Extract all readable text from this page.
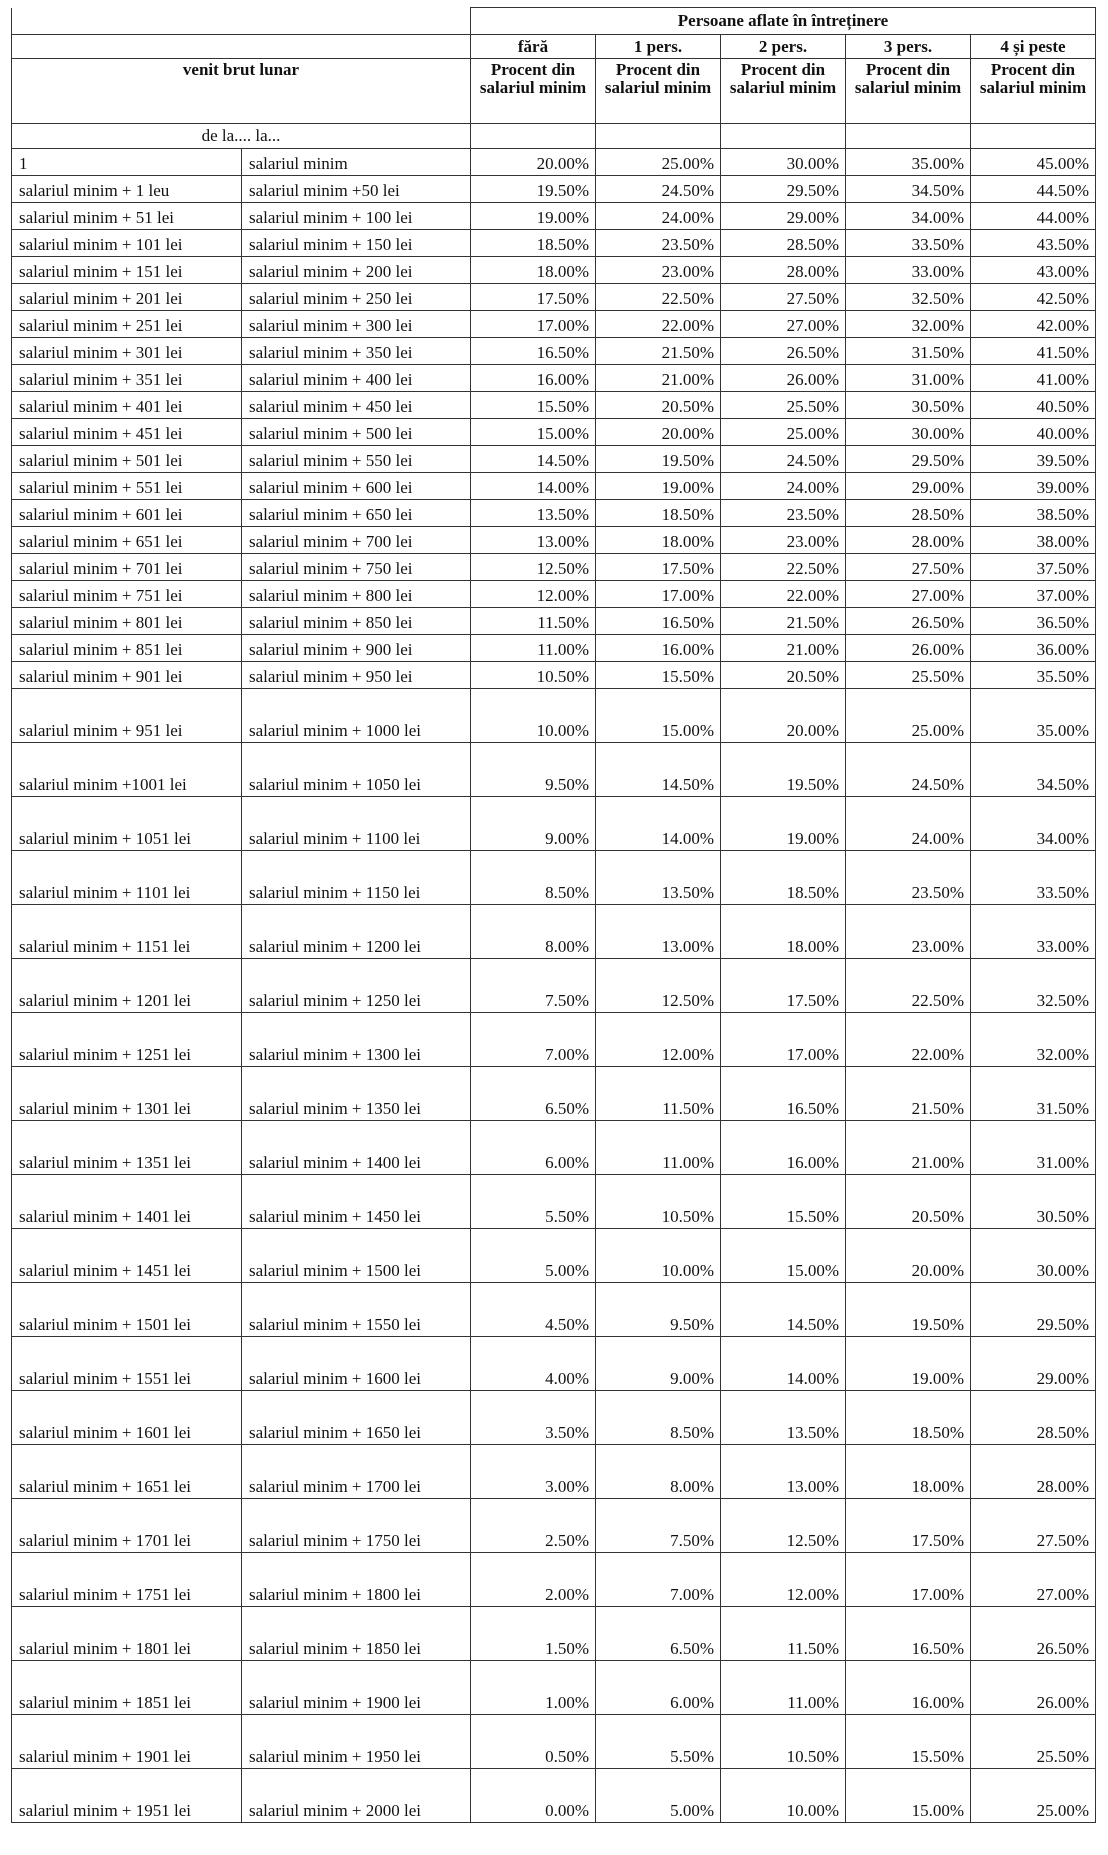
		Persoane aflate în întreținere				
		fără	1 pers.	2 pers.	3 pers.	4 și peste
venit brut lunar		Procent din salariul minim	Procent din salariul minim	Procent din salariul minim	Procent din salariul minim	Procent din salariul minim
de la.... la...						
1	salariul minim	20.00%	25.00%	30.00%	35.00%	45.00%
salariul minim + 1 leu	salariul minim +50 lei	19.50%	24.50%	29.50%	34.50%	44.50%
salariul minim + 51 lei	salariul minim + 100 lei	19.00%	24.00%	29.00%	34.00%	44.00%
salariul minim + 101 lei	salariul minim + 150 lei	18.50%	23.50%	28.50%	33.50%	43.50%
salariul minim + 151 lei	salariul minim + 200 lei	18.00%	23.00%	28.00%	33.00%	43.00%
salariul minim + 201 lei	salariul minim + 250 lei	17.50%	22.50%	27.50%	32.50%	42.50%
salariul minim + 251 lei	salariul minim + 300 lei	17.00%	22.00%	27.00%	32.00%	42.00%
salariul minim + 301 lei	salariul minim + 350 lei	16.50%	21.50%	26.50%	31.50%	41.50%
salariul minim + 351 lei	salariul minim + 400 lei	16.00%	21.00%	26.00%	31.00%	41.00%
salariul minim + 401 lei	salariul minim + 450 lei	15.50%	20.50%	25.50%	30.50%	40.50%
salariul minim + 451 lei	salariul minim + 500 lei	15.00%	20.00%	25.00%	30.00%	40.00%
salariul minim + 501 lei	salariul minim + 550 lei	14.50%	19.50%	24.50%	29.50%	39.50%
salariul minim + 551 lei	salariul minim + 600 lei	14.00%	19.00%	24.00%	29.00%	39.00%
salariul minim + 601 lei	salariul minim + 650 lei	13.50%	18.50%	23.50%	28.50%	38.50%
salariul minim + 651 lei	salariul minim + 700 lei	13.00%	18.00%	23.00%	28.00%	38.00%
salariul minim + 701 lei	salariul minim + 750 lei	12.50%	17.50%	22.50%	27.50%	37.50%
salariul minim + 751 lei	salariul minim + 800 lei	12.00%	17.00%	22.00%	27.00%	37.00%
salariul minim + 801 lei	salariul minim + 850 lei	11.50%	16.50%	21.50%	26.50%	36.50%
salariul minim + 851 lei	salariul minim + 900 lei	11.00%	16.00%	21.00%	26.00%	36.00%
salariul minim + 901 lei	salariul minim + 950 lei	10.50%	15.50%	20.50%	25.50%	35.50%
salariul minim + 951 lei	salariul minim + 1000 lei	10.00%	15.00%	20.00%	25.00%	35.00%
salariul minim +1001 lei	salariul minim + 1050 lei	9.50%	14.50%	19.50%	24.50%	34.50%
salariul minim + 1051 lei	salariul minim + 1100 lei	9.00%	14.00%	19.00%	24.00%	34.00%
salariul minim + 1101 lei	salariul minim + 1150 lei	8.50%	13.50%	18.50%	23.50%	33.50%
salariul minim + 1151 lei	salariul minim + 1200 lei	8.00%	13.00%	18.00%	23.00%	33.00%
salariul minim + 1201 lei	salariul minim + 1250 lei	7.50%	12.50%	17.50%	22.50%	32.50%
salariul minim + 1251 lei	salariul minim + 1300 lei	7.00%	12.00%	17.00%	22.00%	32.00%
salariul minim + 1301 lei	salariul minim + 1350 lei	6.50%	11.50%	16.50%	21.50%	31.50%
salariul minim + 1351 lei	salariul minim + 1400 lei	6.00%	11.00%	16.00%	21.00%	31.00%
salariul minim + 1401 lei	salariul minim + 1450 lei	5.50%	10.50%	15.50%	20.50%	30.50%
salariul minim + 1451 lei	salariul minim + 1500 lei	5.00%	10.00%	15.00%	20.00%	30.00%
salariul minim + 1501 lei	salariul minim + 1550 lei	4.50%	9.50%	14.50%	19.50%	29.50%
salariul minim + 1551 lei	salariul minim + 1600 lei	4.00%	9.00%	14.00%	19.00%	29.00%
salariul minim + 1601 lei	salariul minim + 1650 lei	3.50%	8.50%	13.50%	18.50%	28.50%
salariul minim + 1651 lei	salariul minim + 1700 lei	3.00%	8.00%	13.00%	18.00%	28.00%
salariul minim + 1701 lei	salariul minim + 1750 lei	2.50%	7.50%	12.50%	17.50%	27.50%
salariul minim + 1751 lei	salariul minim + 1800 lei	2.00%	7.00%	12.00%	17.00%	27.00%
salariul minim + 1801 lei	salariul minim + 1850 lei	1.50%	6.50%	11.50%	16.50%	26.50%
salariul minim + 1851 lei	salariul minim + 1900 lei	1.00%	6.00%	11.00%	16.00%	26.00%
salariul minim + 1901 lei	salariul minim + 1950 lei	0.50%	5.50%	10.50%	15.50%	25.50%
salariul minim + 1951 lei	salariul minim + 2000 lei	0.00%	5.00%	10.00%	15.00%	25.00%
